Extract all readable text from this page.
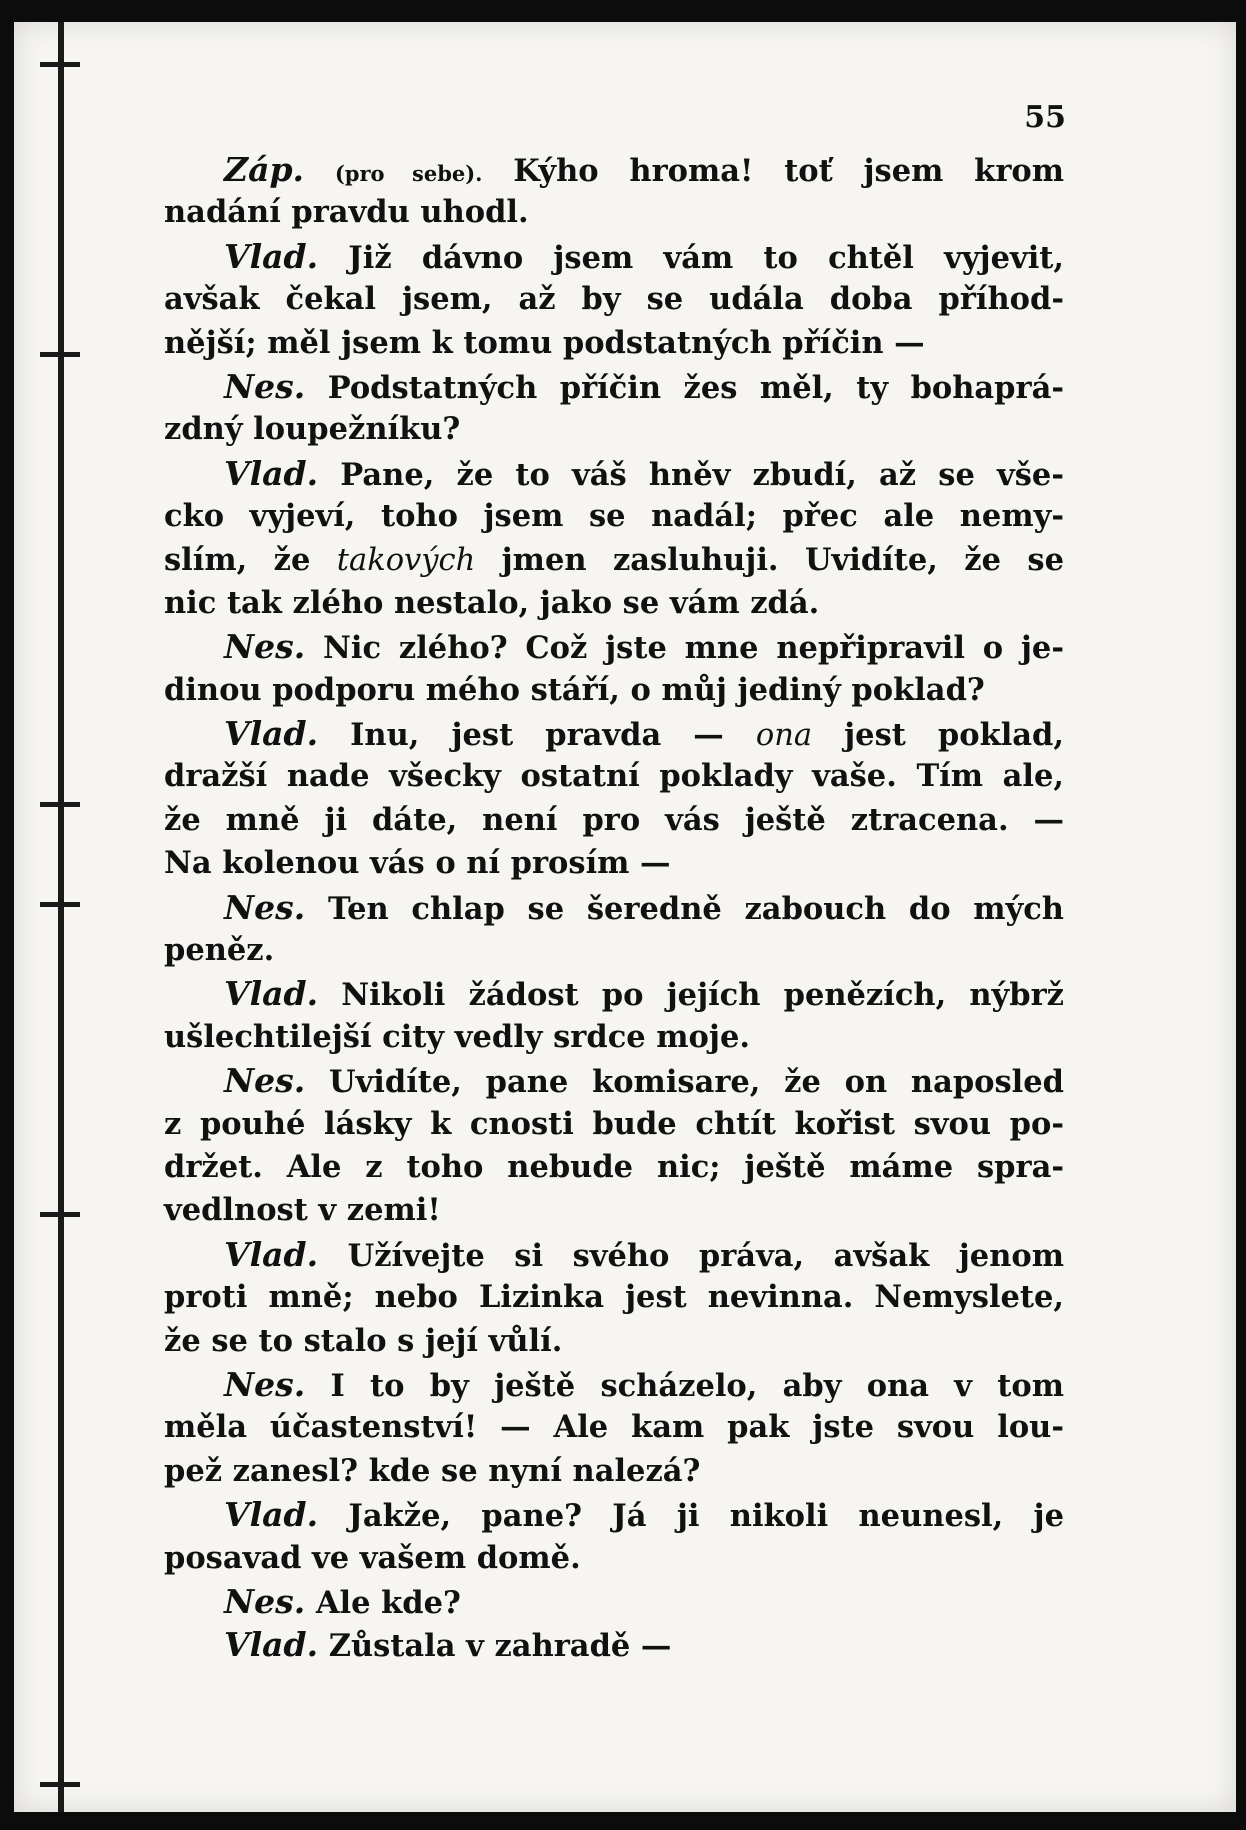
55
Záp. (pro sebe). Kýho hroma! toť jsem krom
nadání pravdu uhodl.
Vlad. Již dávno jsem vám to chtěl vyjevit,
avšak čekal jsem, až by se udála doba příhod-
nější; měl jsem k tomu podstatných příčin —
Nes. Podstatných příčin žes měl, ty bohaprá-
zdný loupežníku?
Vlad. Pane, že to váš hněv zbudí, až se vše-
cko vyjeví, toho jsem se nadál; přec ale nemy-
slím, že takových jmen zasluhuji. Uvidíte, že se
nic tak zlého nestalo, jako se vám zdá.
Nes. Nic zlého? Což jste mne nepřipravil o je-
dinou podporu mého stáří, o můj jediný poklad?
Vlad. Inu, jest pravda — ona jest poklad,
dražší nade všecky ostatní poklady vaše. Tím ale,
že mně ji dáte, není pro vás ještě ztracena. —
Na kolenou vás o ní prosím —
Nes. Ten chlap se šeredně zabouch do mých
peněz.
Vlad. Nikoli žádost po jejích penězích, nýbrž
ušlechtilejší city vedly srdce moje.
Nes. Uvidíte, pane komisare, že on naposled
z pouhé lásky k cnosti bude chtít kořist svou po-
držet. Ale z toho nebude nic; ještě máme spra-
vedlnost v zemi!
Vlad. Užívejte si svého práva, avšak jenom
proti mně; nebo Lizinka jest nevinna. Nemyslete,
že se to stalo s její vůlí.
Nes. I to by ještě scházelo, aby ona v tom
měla účastenství! — Ale kam pak jste svou lou-
pež zanesl? kde se nyní nalezá?
Vlad. Jakže, pane? Já ji nikoli neunesl, je
posavad ve vašem domě.
Nes. Ale kde?
Vlad. Zůstala v zahradě —
